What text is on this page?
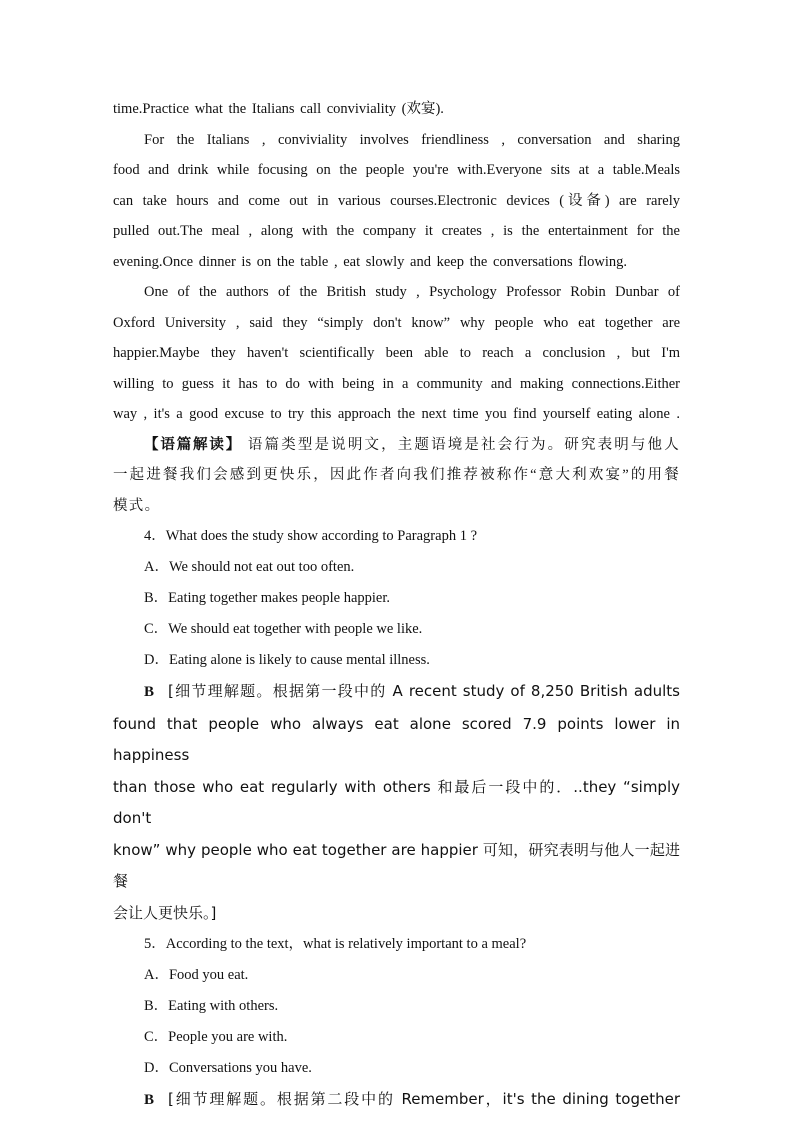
time.Practice what the Italians call conviviality (欢宴).

For the Italians , conviviality involves friendliness , conversation and sharing

food and drink while focusing on the people you're with.Everyone sits at a table.Meals

can take hours and come out in various courses.Electronic devices (设备) are rarely

pulled out.The meal , along with the company it creates , is the entertainment for the

evening.Once dinner is on the table , eat slowly and keep the conversations flowing.

One of the authors of the British study , Psychology Professor Robin Dunbar of

Oxford University , said they “simply don't know” why people who eat together are

happier.Maybe they haven't scientifically been able to reach a conclusion , but I'm

willing to guess it has to do with being in a community and making connections.Either

way , it's a good excuse to try this approach the next time you find yourself eating alone .

【语篇解读】 语篇类型是说明文，主题语境是社会行为。研究表明与他人

一起进餐我们会感到更快乐，因此作者向我们推荐被称作“意大利欢宴”的用餐

模式。

4．What does the study show according to Paragraph 1 ?

A．We should not eat out too often.

B．Eating together makes people happier.

C．We should eat together with people we like.

D．Eating alone is likely to cause mental illness.

B [细节理解题。根据第一段中的 A recent study of 8,250 British adults

found that people who always eat alone scored 7.9 points lower in happiness

than those who eat regularly with others 和最后一段中的．..they “simply don't

know” why people who eat together are happier 可知，研究表明与他人一起进餐

会让人更快乐。]

5．According to the text，what is relatively important to a meal?

A．Food you eat.

B．Eating with others.

C．People you are with.

D．Conversations you have.

B [细节理解题。根据第二段中的 Remember，it's the dining together
